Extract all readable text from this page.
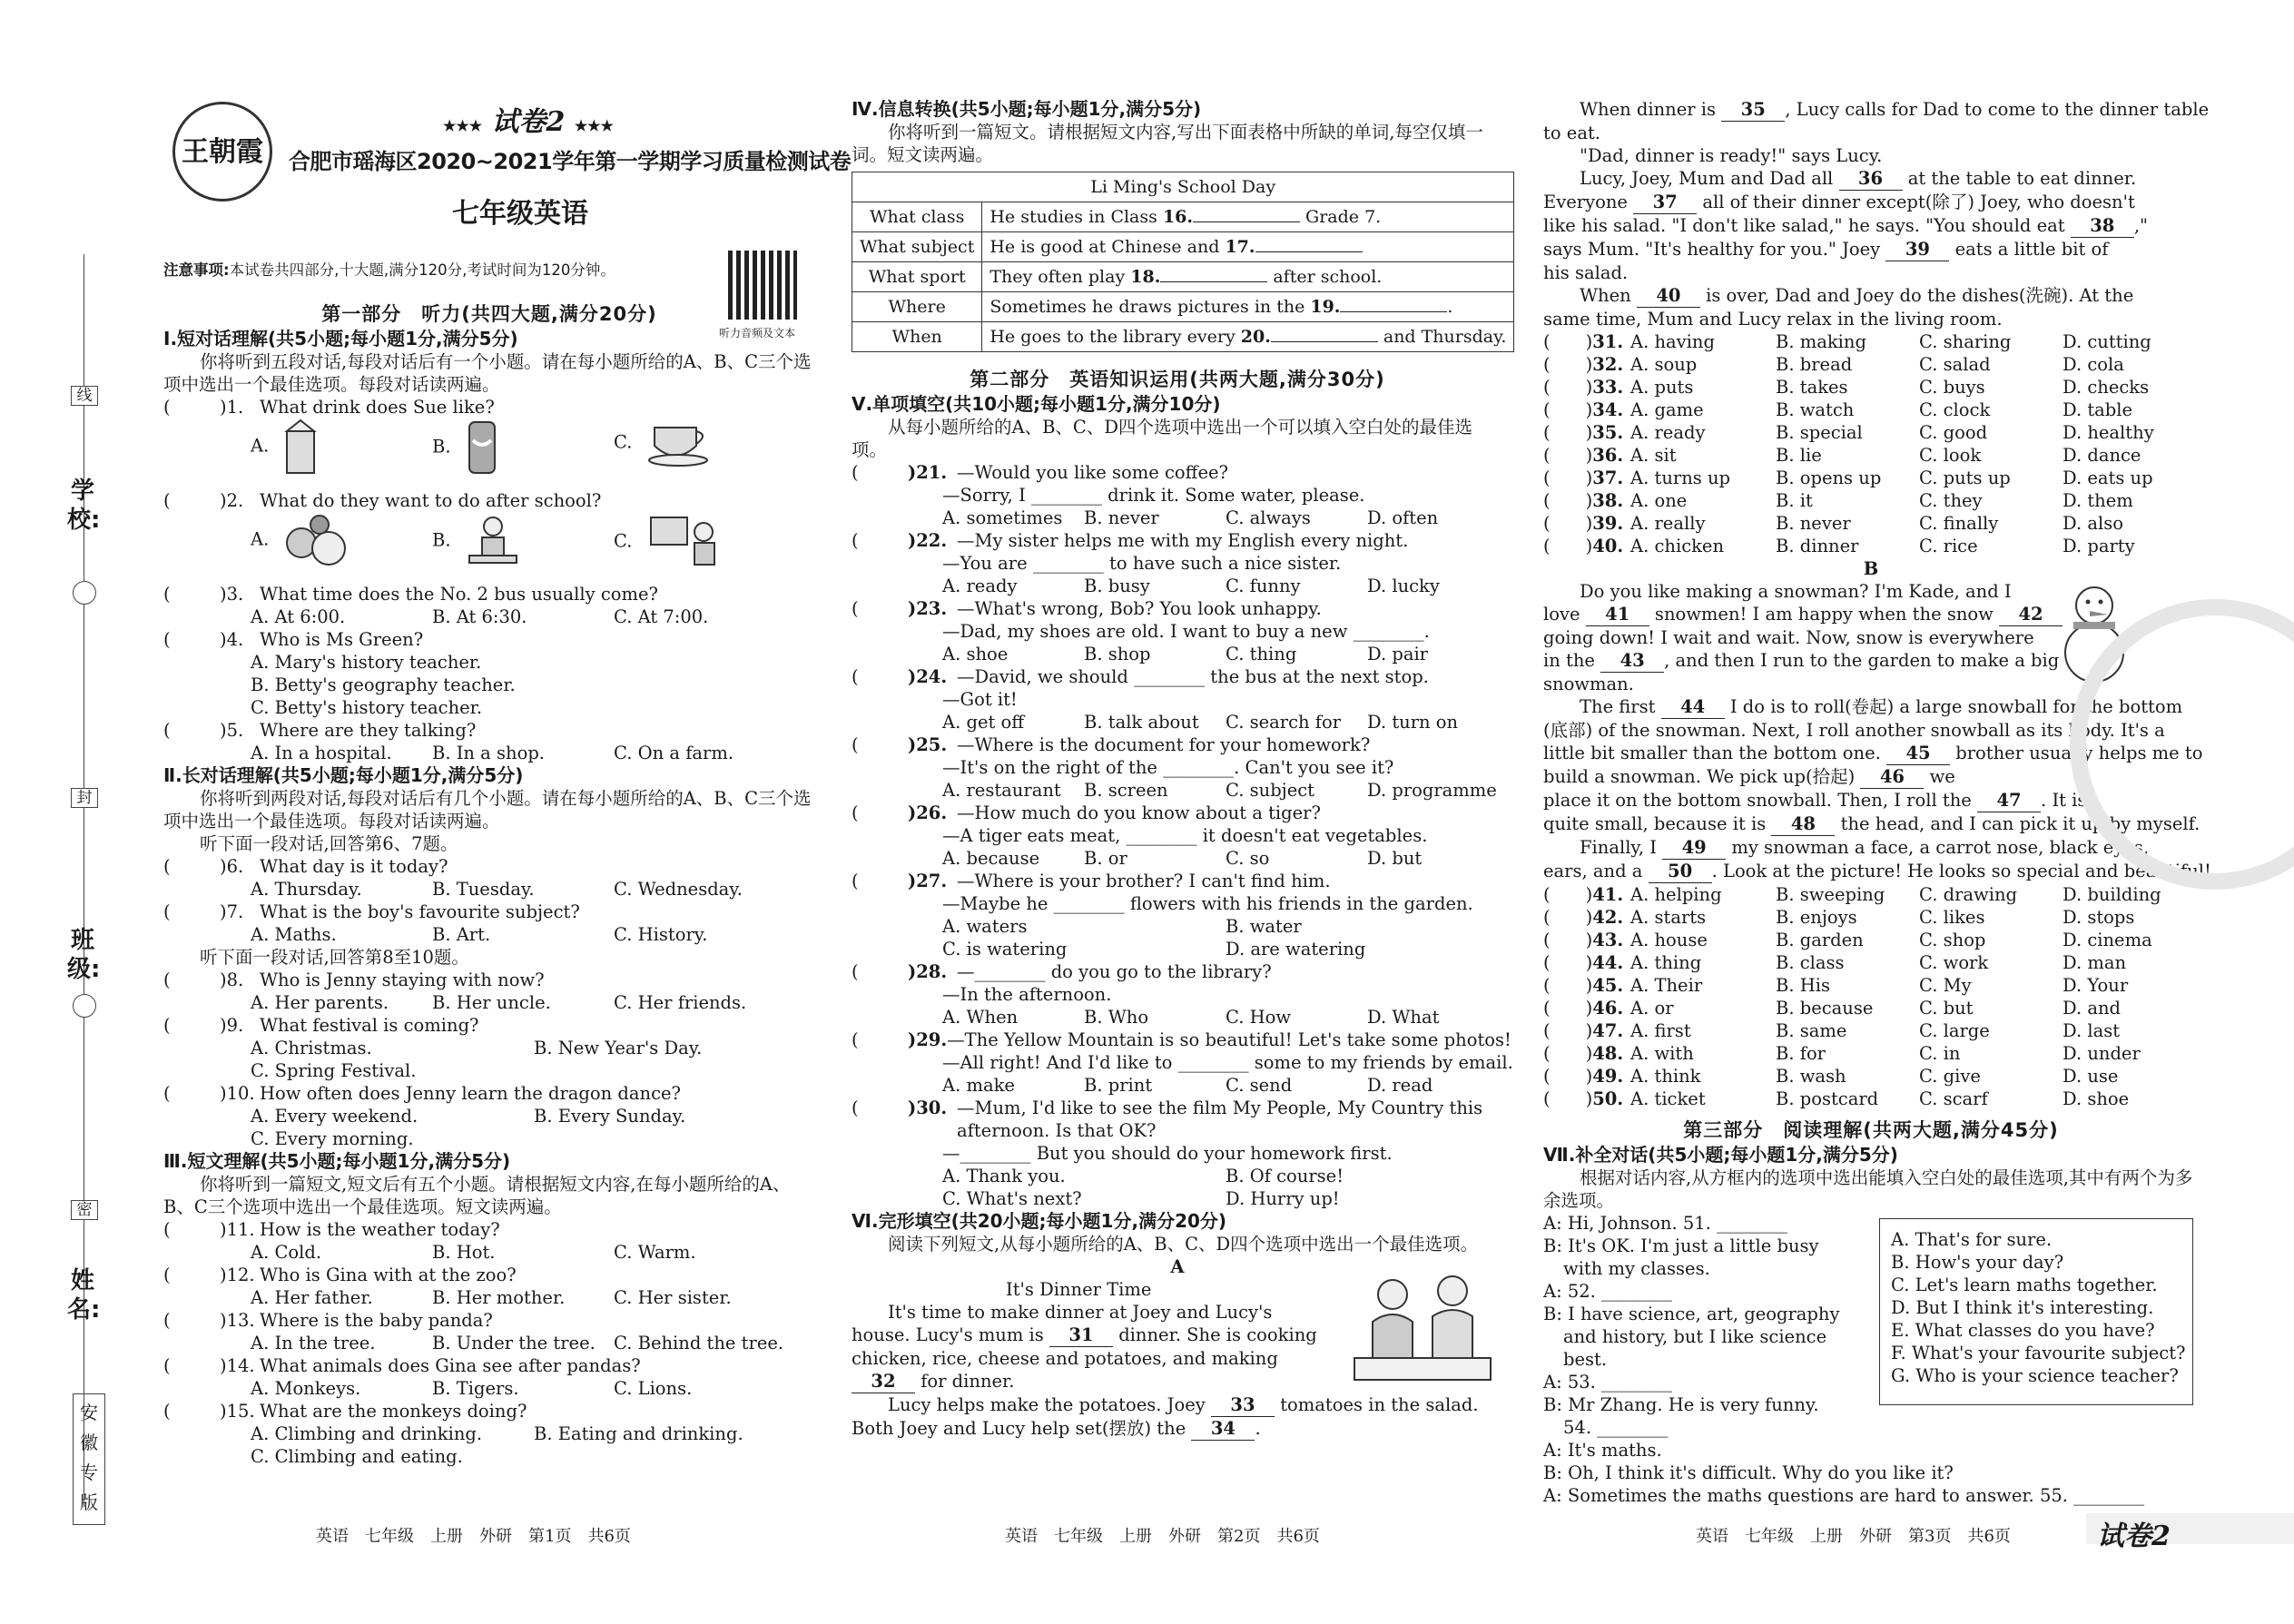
学校:
班级:
姓名:
线
封
密
安徽专版
王朝霞
★★★ 试卷2 ★★★
合肥市瑶海区2020~2021学年第一学期学习质量检测试卷
七年级英语
注意事项:本试卷共四部分,十大题,满分120分,考试时间为120分钟。
听力音频及文本
第一部分　听力(共四大题,满分20分)
Ⅰ.短对话理解(共5小题;每小题1分,满分5分)
你将听到五段对话,每段对话后有一个小题。请在每小题所给的A、B、C三个选项中选出一个最佳选项。每段对话读两遍。
(	)1. What drink does Sue like?
A.	B.	C.
(	)2. What do they want to do after school?
A.	B.	C.
(	)3. What time does the No. 2 bus usually come?
A. At 6:00.	B. At 6:30.	C. At 7:00.
(	)4. Who is Ms Green?
A. Mary's history teacher.
B. Betty's geography teacher.
C. Betty's history teacher.
(	)5. Where are they talking?
A. In a hospital.	B. In a shop.	C. On a farm.
Ⅱ.长对话理解(共5小题;每小题1分,满分5分)
你将听到两段对话,每段对话后有几个小题。请在每小题所给的A、B、C三个选项中选出一个最佳选项。每段对话读两遍。
听下面一段对话,回答第6、7题。
(	)6. What day is it today?
A. Thursday.	B. Tuesday.	C. Wednesday.
(	)7. What is the boy's favourite subject?
A. Maths.	B. Art.	C. History.
听下面一段对话,回答第8至10题。
(	)8. Who is Jenny staying with now?
A. Her parents.	B. Her uncle.	C. Her friends.
(	)9. What festival is coming?
A. Christmas.	B. New Year's Day.
C. Spring Festival.
(	)10. How often does Jenny learn the dragon dance?
A. Every weekend.	B. Every Sunday.
C. Every morning.
Ⅲ.短文理解(共5小题;每小题1分,满分5分)
你将听到一篇短文,短文后有五个小题。请根据短文内容,在每小题所给的A、B、C三个选项中选出一个最佳选项。短文读两遍。
(	)11. How is the weather today?
A. Cold.	B. Hot.	C. Warm.
(	)12. Who is Gina with at the zoo?
A. Her father.	B. Her mother.	C. Her sister.
(	)13. Where is the baby panda?
A. In the tree.	B. Under the tree.	C. Behind the tree.
(	)14. What animals does Gina see after pandas?
A. Monkeys.	B. Tigers.	C. Lions.
(	)15. What are the monkeys doing?
A. Climbing and drinking.	B. Eating and drinking.
C. Climbing and eating.
Ⅳ.信息转换(共5小题;每小题1分,满分5分)
你将听到一篇短文。请根据短文内容,写出下面表格中所缺的单词,每空仅填一词。短文读两遍。
Li Ming's School Day	
What class	He studies in Class 16. Grade 7.
What subject	He is good at Chinese and 17.
What sport	They often play 18. after school.
Where	Sometimes he draws pictures in the 19. .
When	He goes to the library every 20. and Thursday.
第二部分　英语知识运用(共两大题,满分30分)
Ⅴ.单项填空(共10小题;每小题1分,满分10分)
从每小题所给的A、B、C、D四个选项中选出一个可以填入空白处的最佳选项。
(	)21. —Would you like some coffee?
—Sorry, I ________ drink it. Some water, please.
A. sometimes	B. never	C. always	D. often
(	)22. —My sister helps me with my English every night.
—You are ________ to have such a nice sister.
A. ready	B. busy	C. funny	D. lucky
(	)23. —What's wrong, Bob? You look unhappy.
—Dad, my shoes are old. I want to buy a new ________.
A. shoe	B. shop	C. thing	D. pair
(	)24. —David, we should ________ the bus at the next stop.
—Got it!
A. get off	B. talk about	C. search for	D. turn on
(	)25. —Where is the document for your homework?
—It's on the right of the ________. Can't you see it?
A. restaurant	B. screen	C. subject	D. programme
(	)26. —How much do you know about a tiger?
—A tiger eats meat, ________ it doesn't eat vegetables.
A. because	B. or	C. so	D. but
(	)27. —Where is your brother? I can't find him.
—Maybe he ________ flowers with his friends in the garden.
A. waters	B. water
C. is watering	D. are watering
(	)28. —________ do you go to the library?
—In the afternoon.
A. When	B. Who	C. How	D. What
(	)29. —The Yellow Mountain is so beautiful! Let's take some photos!
—All right! And I'd like to ________ some to my friends by email.
A. make	B. print	C. send	D. read
(	)30. —Mum, I'd like to see the film My People, My Country this
afternoon. Is that OK?
—________ But you should do your homework first.
A. Thank you.	B. Of course!
C. What's next?	D. Hurry up!
Ⅵ.完形填空(共20小题;每小题1分,满分20分)
阅读下列短文,从每小题所给的A、B、C、D四个选项中选出一个最佳选项。
A
It's Dinner Time
It's time to make dinner at Joey and Lucy's
house. Lucy's mum is 31 dinner. She is cooking
chicken, rice, cheese and potatoes, and making
32 for dinner.
Lucy helps make the potatoes. Joey 33 tomatoes in the salad.
Both Joey and Lucy help set(摆放) the 34 .
When dinner is 35 , Lucy calls for Dad to come to the dinner table
to eat.
"Dad, dinner is ready!" says Lucy.
Lucy, Joey, Mum and Dad all 36 at the table to eat dinner.
Everyone 37 all of their dinner except(除了) Joey, who doesn't
like his salad. "I don't like salad," he says. "You should eat 38 ,"
says Mum. "It's healthy for you." Joey 39 eats a little bit of
his salad.
When 40 is over, Dad and Joey do the dishes(洗碗). At the
same time, Mum and Lucy relax in the living room.
(　　)31. A. having	B. making	C. sharing	D. cutting
(　　)32. A. soup	B. bread	C. salad	D. cola
(　　)33. A. puts	B. takes	C. buys	D. checks
(　　)34. A. game	B. watch	C. clock	D. table
(　　)35. A. ready	B. special	C. good	D. healthy
(　　)36. A. sit	B. lie	C. look	D. dance
(　　)37. A. turns up	B. opens up	C. puts up	D. eats up
(　　)38. A. one	B. it	C. they	D. them
(　　)39. A. really	B. never	C. finally	D. also
(　　)40. A. chicken	B. dinner	C. rice	D. party
B
Do you like making a snowman? I'm Kade, and I
love 41 snowmen! I am happy when the snow 42
going down! I wait and wait. Now, snow is everywhere
in the 43 , and then I run to the garden to make a big
snowman.
The first 44 I do is to roll(卷起) a large snowball for the bottom
(底部) of the snowman. Next, I roll another snowball as its body. It's a
little bit smaller than the bottom one. 45 brother usually helps me to
build a snowman. We pick up(拾起) 46 we
place it on the bottom snowball. Then, I roll the 47 . It is
quite small, because it is 48 the head, and I can pick it up by myself.
Finally, I 49 my snowman a face, a carrot nose, black eyes,
ears, and a 50 . Look at the picture! He looks so special and beautiful!
(　　)41. A. helping	B. sweeping	C. drawing	D. building
(　　)42. A. starts	B. enjoys	C. likes	D. stops
(　　)43. A. house	B. garden	C. shop	D. cinema
(　　)44. A. thing	B. class	C. work	D. man
(　　)45. A. Their	B. His	C. My	D. Your
(　　)46. A. or	B. because	C. but	D. and
(　　)47. A. first	B. same	C. large	D. last
(　　)48. A. with	B. for	C. in	D. under
(　　)49. A. think	B. wash	C. give	D. use
(　　)50. A. ticket	B. postcard	C. scarf	D. shoe
第三部分　阅读理解(共两大题,满分45分)
Ⅶ.补全对话(共5小题;每小题1分,满分5分)
根据对话内容,从方框内的选项中选出能填入空白处的最佳选项,其中有两个为多余选项。
A: Hi, Johnson. 51. ________
B: It's OK. I'm just a little busy
with my classes.
A: 52. ________
B: I have science, art, geography
and history, but I like science
best.
A: 53. ________
B: Mr Zhang. He is very funny.
54. ________
A: It's maths.
B: Oh, I think it's difficult. Why do you like it?
A: Sometimes the maths questions are hard to answer. 55. ________
A. That's for sure.
B. How's your day?
C. Let's learn maths together.
D. But I think it's interesting.
E. What classes do you have?
F. What's your favourite subject?
G. Who is your science teacher?
英语　七年级　上册　外研　第1页　共6页	英语　七年级　上册　外研　第2页　共6页	英语　七年级　上册　外研　第3页　共6页	试卷2
